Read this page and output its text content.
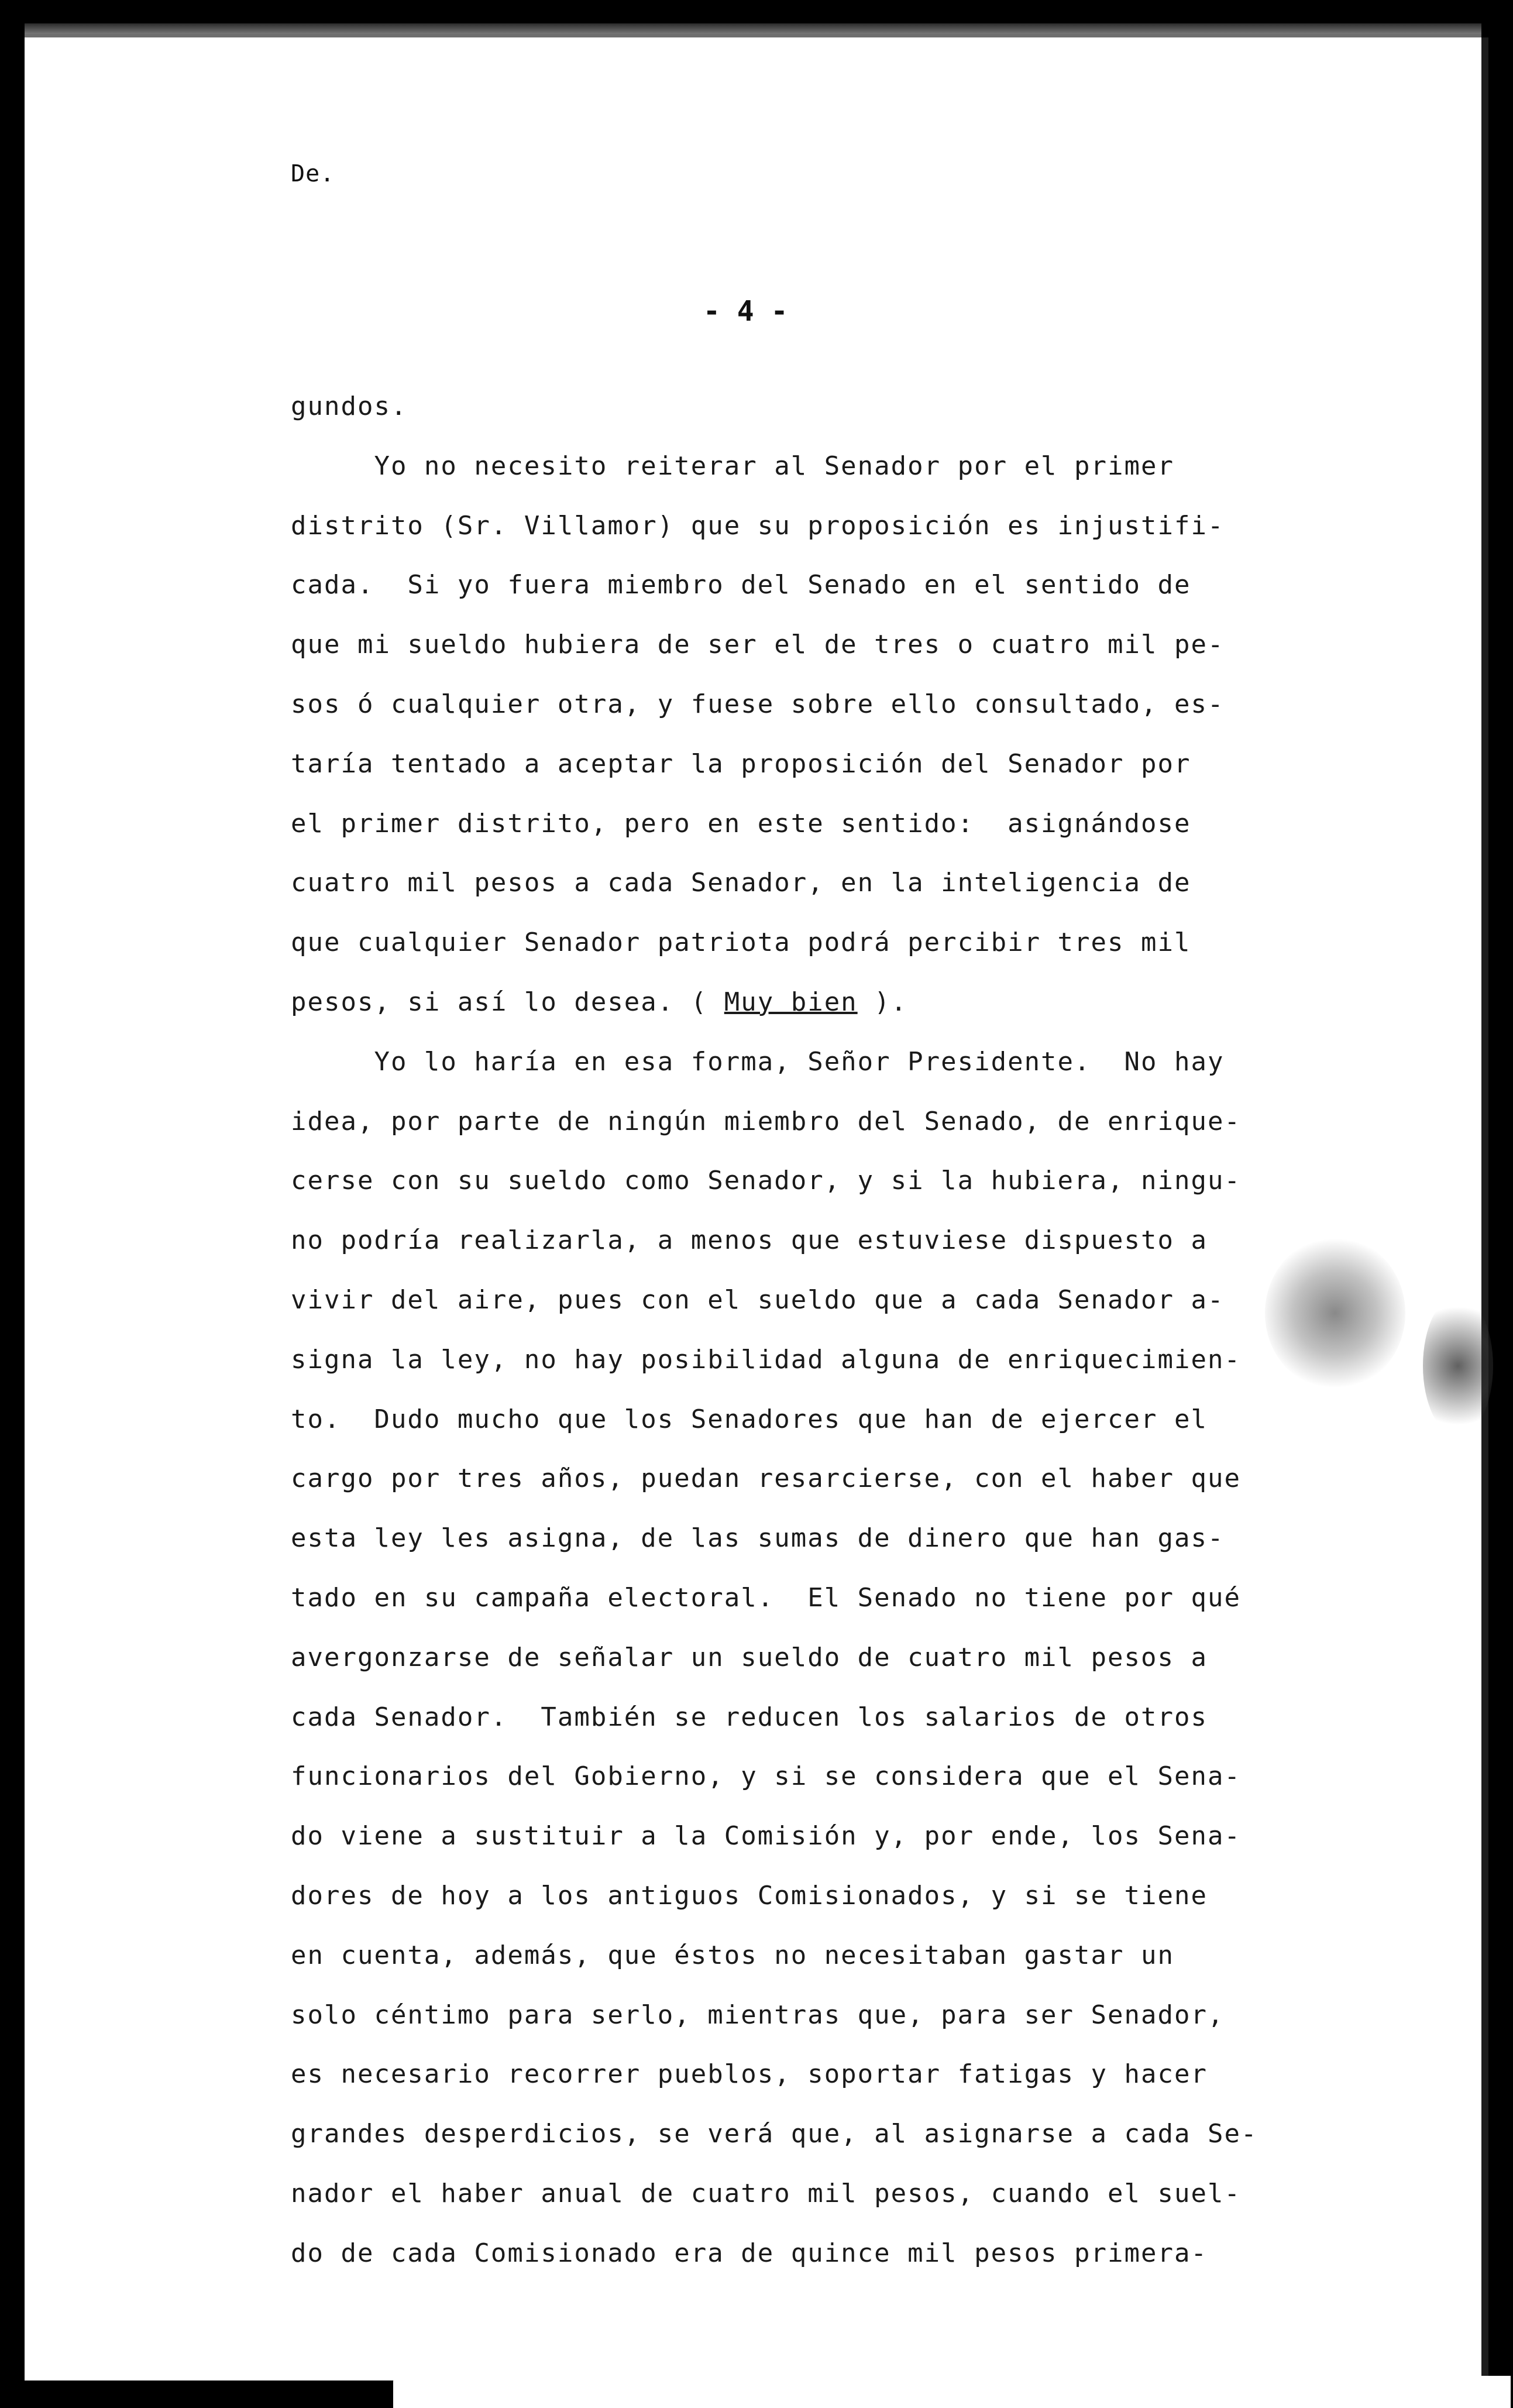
De.
- 4 -
gundos.
Yo no necesito reiterar al Senador por el primer
distrito (Sr. Villamor) que su proposición es injustifi-
cada.  Si yo fuera miembro del Senado en el sentido de
que mi sueldo hubiera de ser el de tres o cuatro mil pe-
sos ó cualquier otra, y fuese sobre ello consultado, es-
taría tentado a aceptar la proposición del Senador por
el primer distrito, pero en este sentido:  asignándose
cuatro mil pesos a cada Senador, en la inteligencia de
que cualquier Senador patriota podrá percibir tres mil
pesos, si así lo desea. ( Muy bien ).
Yo lo haría en esa forma, Señor Presidente.  No hay
idea, por parte de ningún miembro del Senado, de enrique-
cerse con su sueldo como Senador, y si la hubiera, ningu-
no podría realizarla, a menos que estuviese dispuesto a
vivir del aire, pues con el sueldo que a cada Senador a-
signa la ley, no hay posibilidad alguna de enriquecimien-
to.  Dudo mucho que los Senadores que han de ejercer el
cargo por tres años, puedan resarcierse, con el haber que
esta ley les asigna, de las sumas de dinero que han gas-
tado en su campaña electoral.  El Senado no tiene por qué
avergonzarse de señalar un sueldo de cuatro mil pesos a
cada Senador.  También se reducen los salarios de otros
funcionarios del Gobierno, y si se considera que el Sena-
do viene a sustituir a la Comisión y, por ende, los Sena-
dores de hoy a los antiguos Comisionados, y si se tiene
en cuenta, además, que éstos no necesitaban gastar un
solo céntimo para serlo, mientras que, para ser Senador,
es necesario recorrer pueblos, soportar fatigas y hacer
grandes desperdicios, se verá que, al asignarse a cada Se-
nador el haber anual de cuatro mil pesos, cuando el suel-
do de cada Comisionado era de quince mil pesos primera-
